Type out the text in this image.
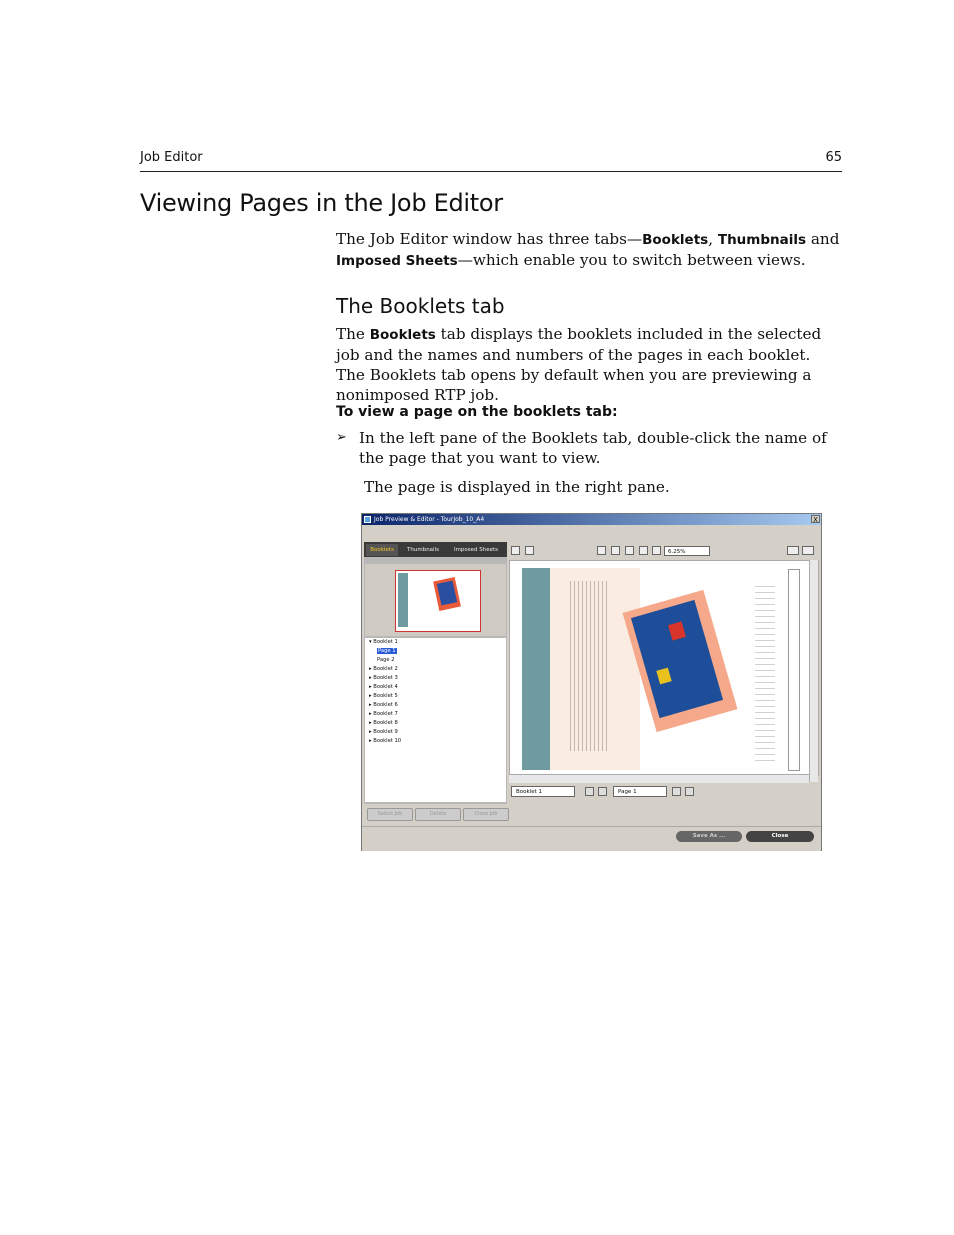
Job Editor	65
Viewing Pages in the Job Editor
The Job Editor window has three tabs—Booklets, Thumbnails and
Imposed Sheets—which enable you to switch between views.
The Booklets tab
The Booklets tab displays the booklets included in the selected job and the names and numbers of the pages in each booklet. The Booklets tab opens by default when you are previewing a nonimposed RTP job.
To view a page on the booklets tab:
➢ In the left pane of the Booklets tab, double-click the name of the page that you want to view.
The page is displayed in the right pane.
Job Preview & Editor - TourJob_10_A4	X
Booklets	Thumbnails	Imposed Sheets
▾ Booklet 1
Page 1
Page 2
▸ Booklet 2
▸ Booklet 3
▸ Booklet 4
▸ Booklet 5
▸ Booklet 6
▸ Booklet 7
▸ Booklet 8
▸ Booklet 9
▸ Booklet 10
Select Job	Delete	Close Job
6.25%
Booklet 1	Page 1
Save As ...	Close
